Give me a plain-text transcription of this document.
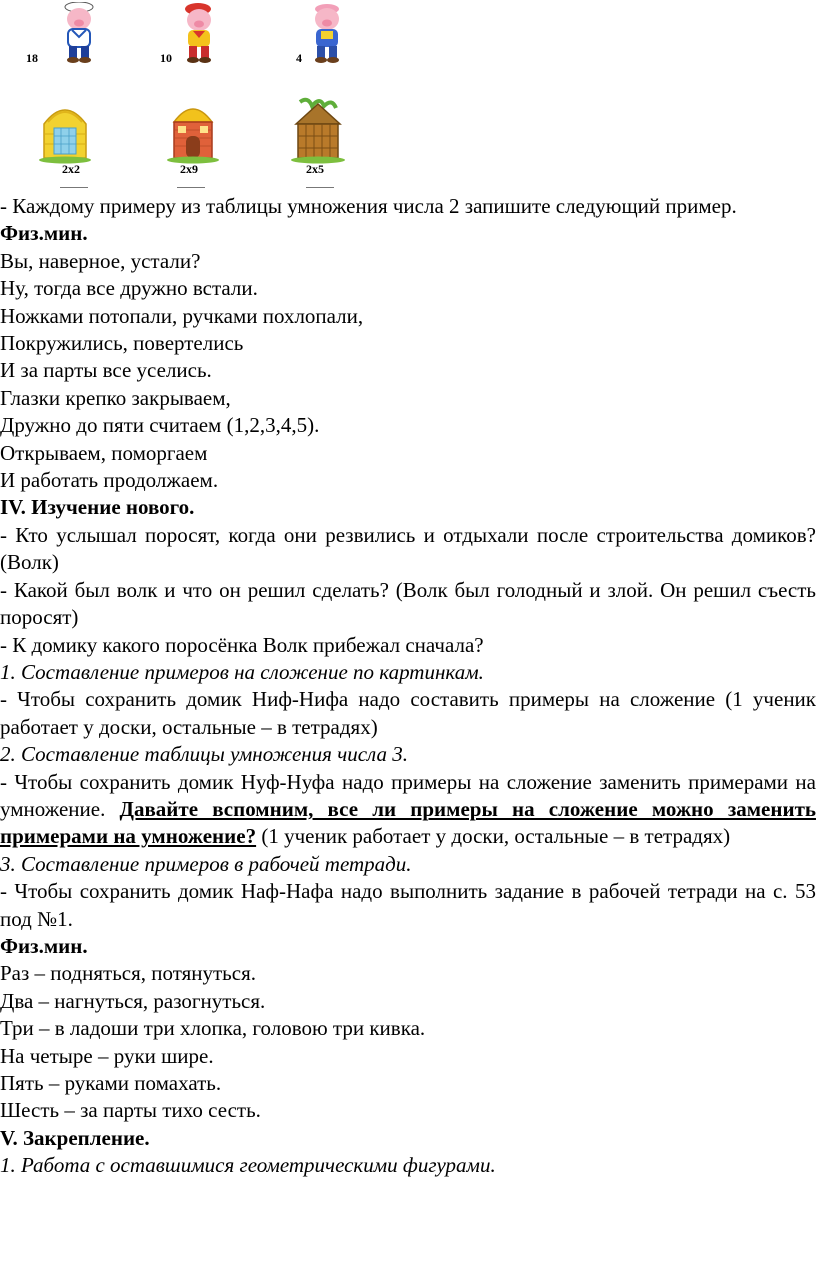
18	10	4
2x2	2x9	2x5

- Каждому примеру из таблицы умножения числа 2 запишите следующий пример.

Физ.мин.

Вы, наверное, устали?

Ну, тогда все дружно встали.

Ножками потопали, ручками похлопали,

Покружились, повертелись

И за парты все уселись.

Глазки крепко закрываем,

Дружно до пяти считаем (1,2,3,4,5).

Открываем, поморгаем

И работать продолжаем.

IV. Изучение нового.

- Кто услышал поросят, когда они резвились и отдыхали после строительства домиков? (Волк)

- Какой был волк и что он решил сделать? (Волк был голодный и злой. Он решил съесть поросят)

- К домику какого поросёнка Волк прибежал сначала?

1. Составление примеров на сложение по картинкам.

- Чтобы сохранить домик Ниф-Нифа надо составить примеры на сложение (1 ученик работает у доски, остальные – в тетрадях)

2. Составление таблицы умножения числа 3.

- Чтобы сохранить домик Нуф-Нуфа надо примеры на сложение заменить примерами на умножение. Давайте вспомним, все ли примеры на сложение можно заменить примерами на умножение? (1 ученик работает у доски, остальные – в тетрадях)

3. Составление примеров в рабочей тетради.

- Чтобы сохранить домик Наф-Нафа надо выполнить задание в рабочей тетради на с. 53 под №1.

Физ.мин.

Раз – подняться, потянуться.

Два – нагнуться, разогнуться.

Три – в ладоши три хлопка, головою три кивка.

На четыре – руки шире.

Пять – руками помахать.

Шесть – за парты тихо сесть.

V. Закрепление.

1. Работа с оставшимися геометрическими фигурами.
